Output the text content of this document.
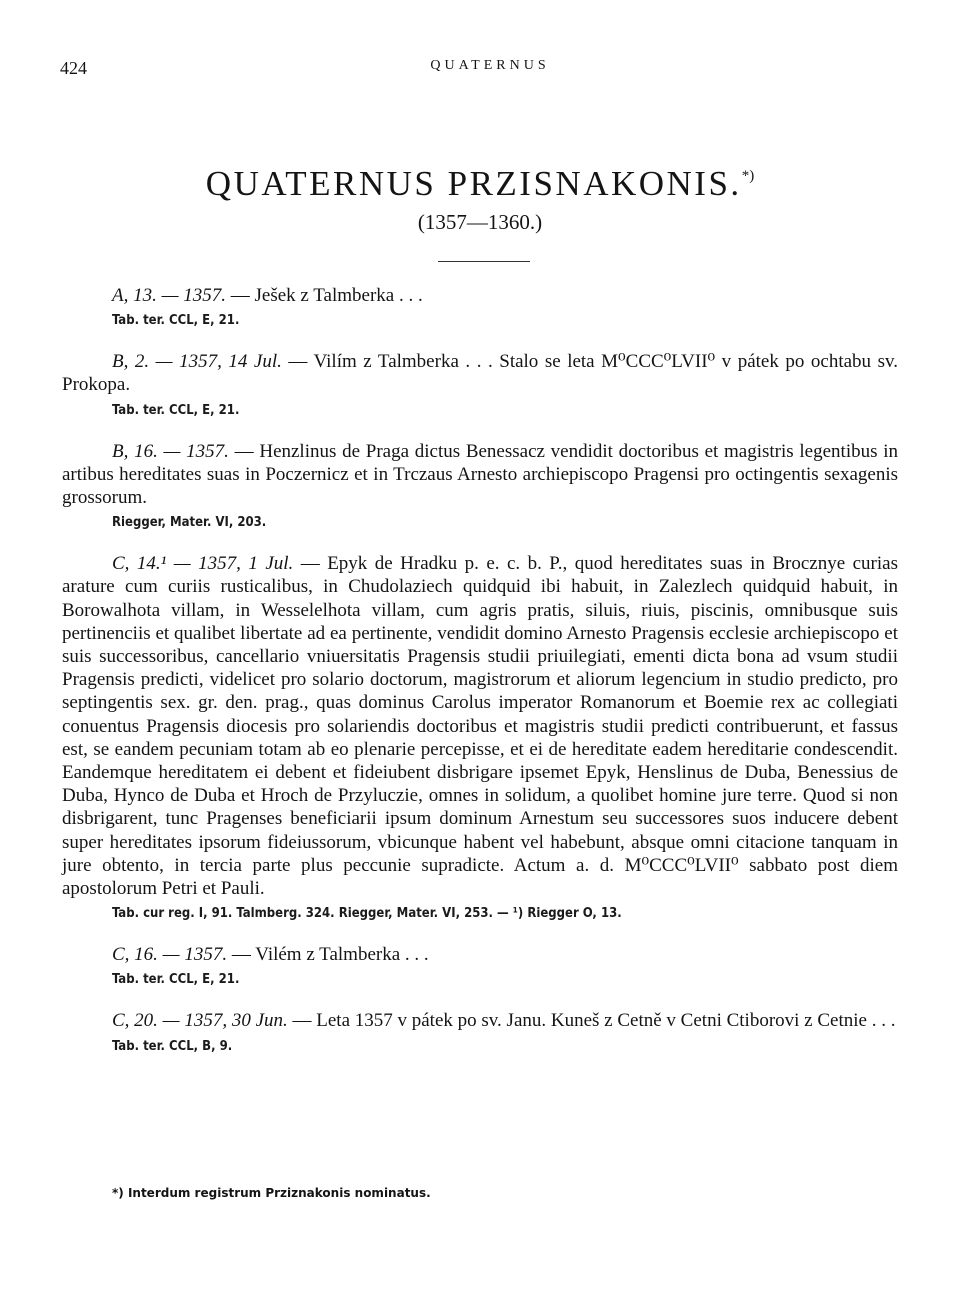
424	QUATERNUS
QUATERNUS PRZISNAKONIS.*)
(1357—1360.)

A, 13. — 1357. — Ješek z Talmberka . . .

Tab. ter. CCL, E, 21.

B, 2. — 1357, 14 Jul. — Vilím z Talmberka . . . Stalo se leta M⁰CCC⁰LVII⁰ v pátek po ochtabu sv. Prokopa.

Tab. ter. CCL, E, 21.

B, 16. — 1357. — Henzlinus de Praga dictus Benessacz vendidit doctoribus et magistris legentibus in artibus hereditates suas in Poczernicz et in Trczaus Arnesto archiepiscopo Pragensi pro octingentis sexagenis grossorum.

Riegger, Mater. VI, 203.

C, 14.¹ — 1357, 1 Jul. — Epyk de Hradku p. e. c. b. P., quod hereditates suas in Brocznye curias arature cum curiis rusticalibus, in Chudolaziech quidquid ibi habuit, in Zalezlech quidquid habuit, in Borowalhota villam, in Wesselelhota villam, cum agris pratis, siluis, riuis, piscinis, omnibusque suis pertinenciis et qualibet libertate ad ea pertinente, vendidit domino Arnesto Pragensis ecclesie archiepiscopo et suis successoribus, cancellario vniuersitatis Pragensis studii priuilegiati, ementi dicta bona ad vsum studii Pragensis predicti, videlicet pro solario doctorum, magistrorum et aliorum legencium in studio predicto, pro septingentis sex. gr. den. prag., quas dominus Carolus imperator Romanorum et Boemie rex ac collegiati conuentus Pragensis diocesis pro solariendis doctoribus et magistris studii predicti contribuerunt, et fassus est, se eandem pecuniam totam ab eo plenarie percepisse, et ei de hereditate eadem hereditarie condescendit. Eandemque hereditatem ei debent et fideiubent disbrigare ipsemet Epyk, Henslinus de Duba, Benessius de Duba, Hynco de Duba et Hroch de Przyluczie, omnes in solidum, a quolibet homine jure terre. Quod si non disbrigarent, tunc Pragenses beneficiarii ipsum dominum Arnestum seu successores suos inducere debent super hereditates ipsorum fideiussorum, vbicunque habent vel habebunt, absque omni citacione tanquam in jure obtento, in tercia parte plus peccunie supradicte. Actum a. d. M⁰CCC⁰LVII⁰ sabbato post diem apostolorum Petri et Pauli.

Tab. cur reg. I, 91. Talmberg. 324. Riegger, Mater. VI, 253. — ¹) Riegger O, 13.

C, 16. — 1357. — Vilém z Talmberka . . .

Tab. ter. CCL, E, 21.

C, 20. — 1357, 30 Jun. — Leta 1357 v pátek po sv. Janu. Kuneš z Cetně v Cetni Ctiborovi z Cetnie . . .

Tab. ter. CCL, B, 9.
*) Interdum registrum Prziznakonis nominatus.
